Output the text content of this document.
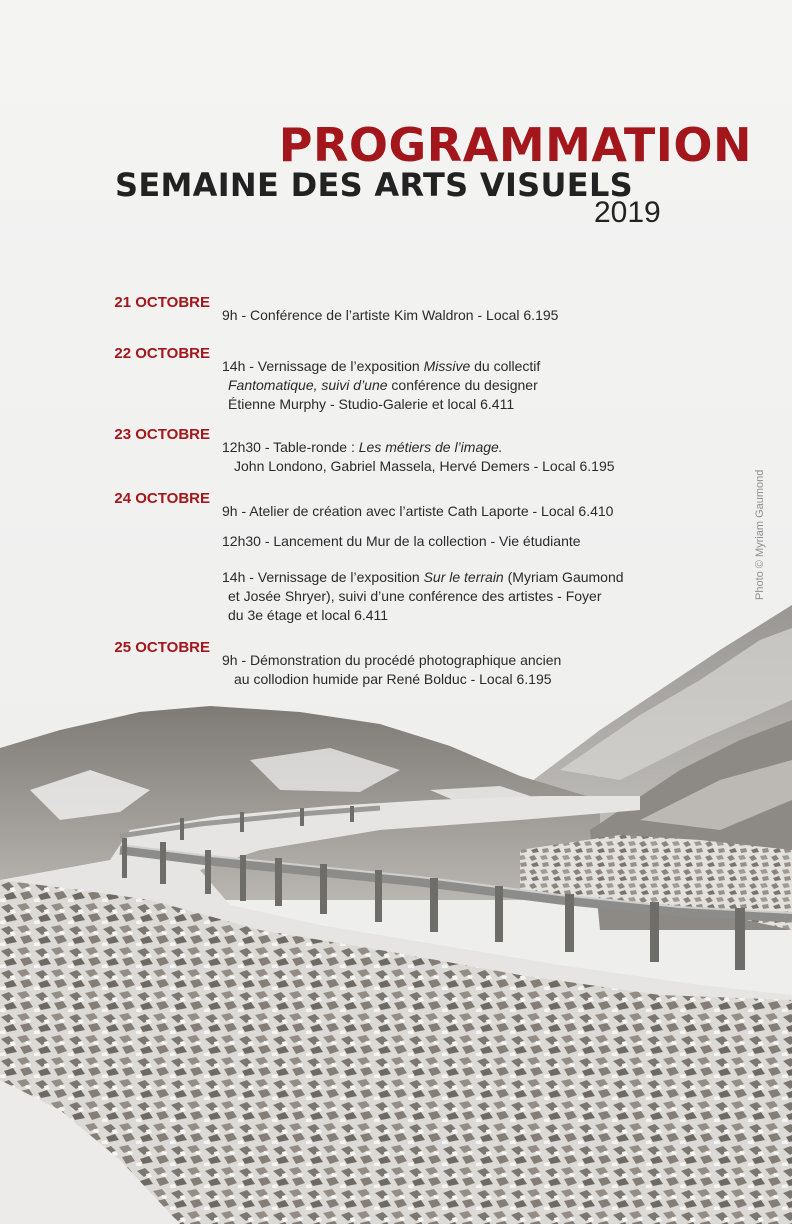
PROGRAMMATION
SEMAINE DES ARTS VISUELS
2019
21 OCTOBRE
9h - Conférence de l’artiste Kim Waldron - Local 6.195
22 OCTOBRE
14h - Vernissage de l’exposition Missive du collectif
Fantomatique, suivi d’une conférence du designer
Étienne Murphy - Studio-Galerie et local 6.411
23 OCTOBRE
12h30 - Table-ronde : Les métiers de l’image.
John Londono, Gabriel Massela, Hervé Demers - Local 6.195
24 OCTOBRE
9h - Atelier de création avec l’artiste Cath Laporte - Local 6.410
12h30 - Lancement du Mur de la collection - Vie étudiante
14h - Vernissage de l’exposition Sur le terrain (Myriam Gaumond
et Josée Shryer), suivi d’une conférence des artistes - Foyer
du 3e étage et local 6.411
25 OCTOBRE
9h - Démonstration du procédé photographique ancien
au collodion humide par René Bolduc - Local 6.195
Photo © Myriam Gaumond
